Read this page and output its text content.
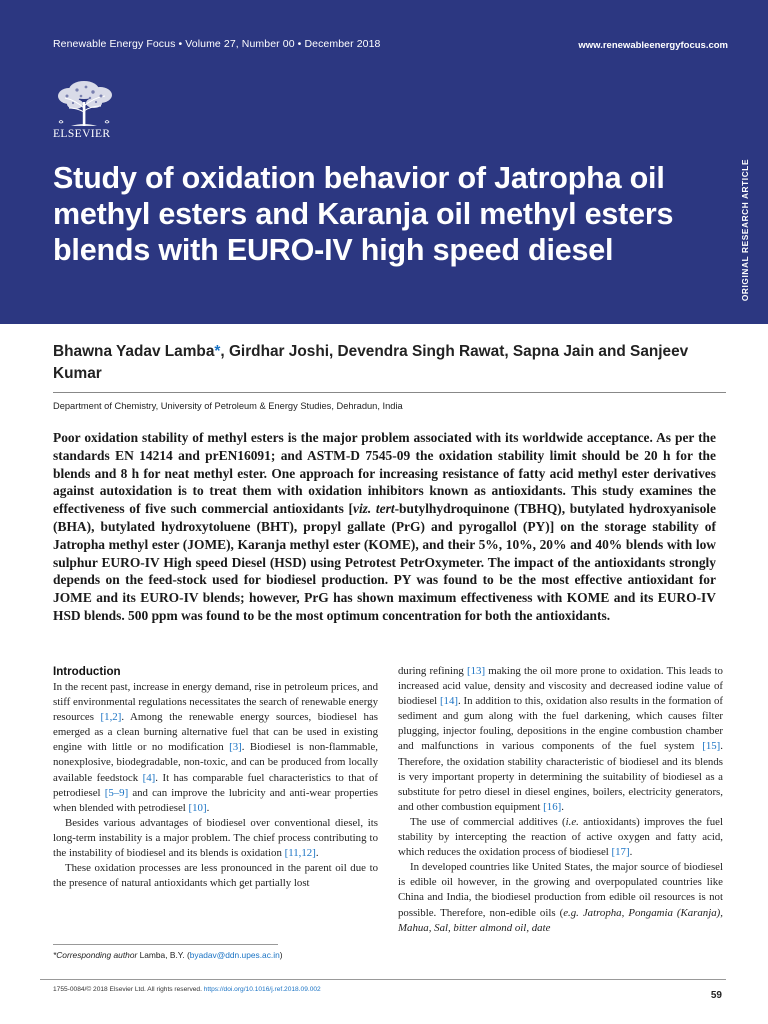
Renewable Energy Focus • Volume 27, Number 00 • December 2018	www.renewableenergyfocus.com
ELSEVIER
Study of oxidation behavior of Jatropha oil methyl esters and Karanja oil methyl esters blends with EURO-IV high speed diesel	ORIGINAL RESEARCH ARTICLE

Bhawna Yadav Lamba*, Girdhar Joshi, Devendra Singh Rawat, Sapna Jain and Sanjeev Kumar

Department of Chemistry, University of Petroleum & Energy Studies, Dehradun, India

Poor oxidation stability of methyl esters is the major problem associated with its worldwide acceptance. As per the standards EN 14214 and prEN16091; and ASTM-D 7545-09 the oxidation stability limit should be 20 h for the blends and 8 h for neat methyl ester. One approach for increasing resistance of fatty acid methyl ester derivatives against autoxidation is to treat them with oxidation inhibitors known as antioxidants. This study examines the effectiveness of five such commercial antioxidants [viz. tert-butylhydroquinone (TBHQ), butylated hydroxyanisole (BHA), butylated hydroxytoluene (BHT), propyl gallate (PrG) and pyrogallol (PY)] on the storage stability of Jatropha methyl ester (JOME), Karanja methyl ester (KOME), and their 5%, 10%, 20% and 40% blends with low sulphur EURO-IV High speed Diesel (HSD) using Petrotest PetrOxymeter. The impact of the antioxidants strongly depends on the feed-stock used for biodiesel production. PY was found to be the most effective antioxidant for JOME and its EURO-IV blends; however, PrG has shown maximum effectiveness with KOME and its EURO-IV HSD blends. 500 ppm was found to be the most optimum concentration for both the antioxidants.

Introduction

In the recent past, increase in energy demand, rise in petroleum prices, and stiff environmental regulations necessitates the search of renewable energy resources [1,2]. Among the renewable energy sources, biodiesel has emerged as a clean burning alternative fuel that can be used in existing engine with little or no modification [3]. Biodiesel is non-flammable, nonexplosive, biodegradable, non-toxic, and can be produced from locally available feedstock [4]. It has comparable fuel characteristics to that of petrodiesel [5–9] and can improve the lubricity and anti-wear properties when blended with petrodiesel [10].

Besides various advantages of biodiesel over conventional diesel, its long-term instability is a major problem. The chief process contributing to the instability of biodiesel and its blends is oxidation [11,12].

These oxidation processes are less pronounced in the parent oil due to the presence of natural antioxidants which get partially lost

during refining [13] making the oil more prone to oxidation. This leads to increased acid value, density and viscosity and decreased iodine value of biodiesel [14]. In addition to this, oxidation also results in the formation of sediment and gum along with the fuel darkening, which causes filter plugging, injector fouling, depositions in the engine combustion chamber and malfunctions in various components of the fuel system [15]. Therefore, the oxidation stability characteristic of biodiesel and its blends is very important property in determining the suitability of biodiesel as a substitute for petro diesel in diesel engines, boilers, electricity generators, and other combustion equipment [16].

The use of commercial additives (i.e. antioxidants) improves the fuel stability by intercepting the reaction of active oxygen and fatty acid, which reduces the oxidation process of biodiesel [17].

In developed countries like United States, the major source of biodiesel is edible oil however, in the growing and overpopulated countries like China and India, the biodiesel production from edible oil resources is not possible. Therefore, non-edible oils (e.g. Jatropha, Pongamia (Karanja), Mahua, Sal, bitter almond oil, date

*Corresponding author Lamba, B.Y. (byadav@ddn.upes.ac.in)
1755-0084/© 2018 Elsevier Ltd. All rights reserved. https://doi.org/10.1016/j.ref.2018.09.002
59
